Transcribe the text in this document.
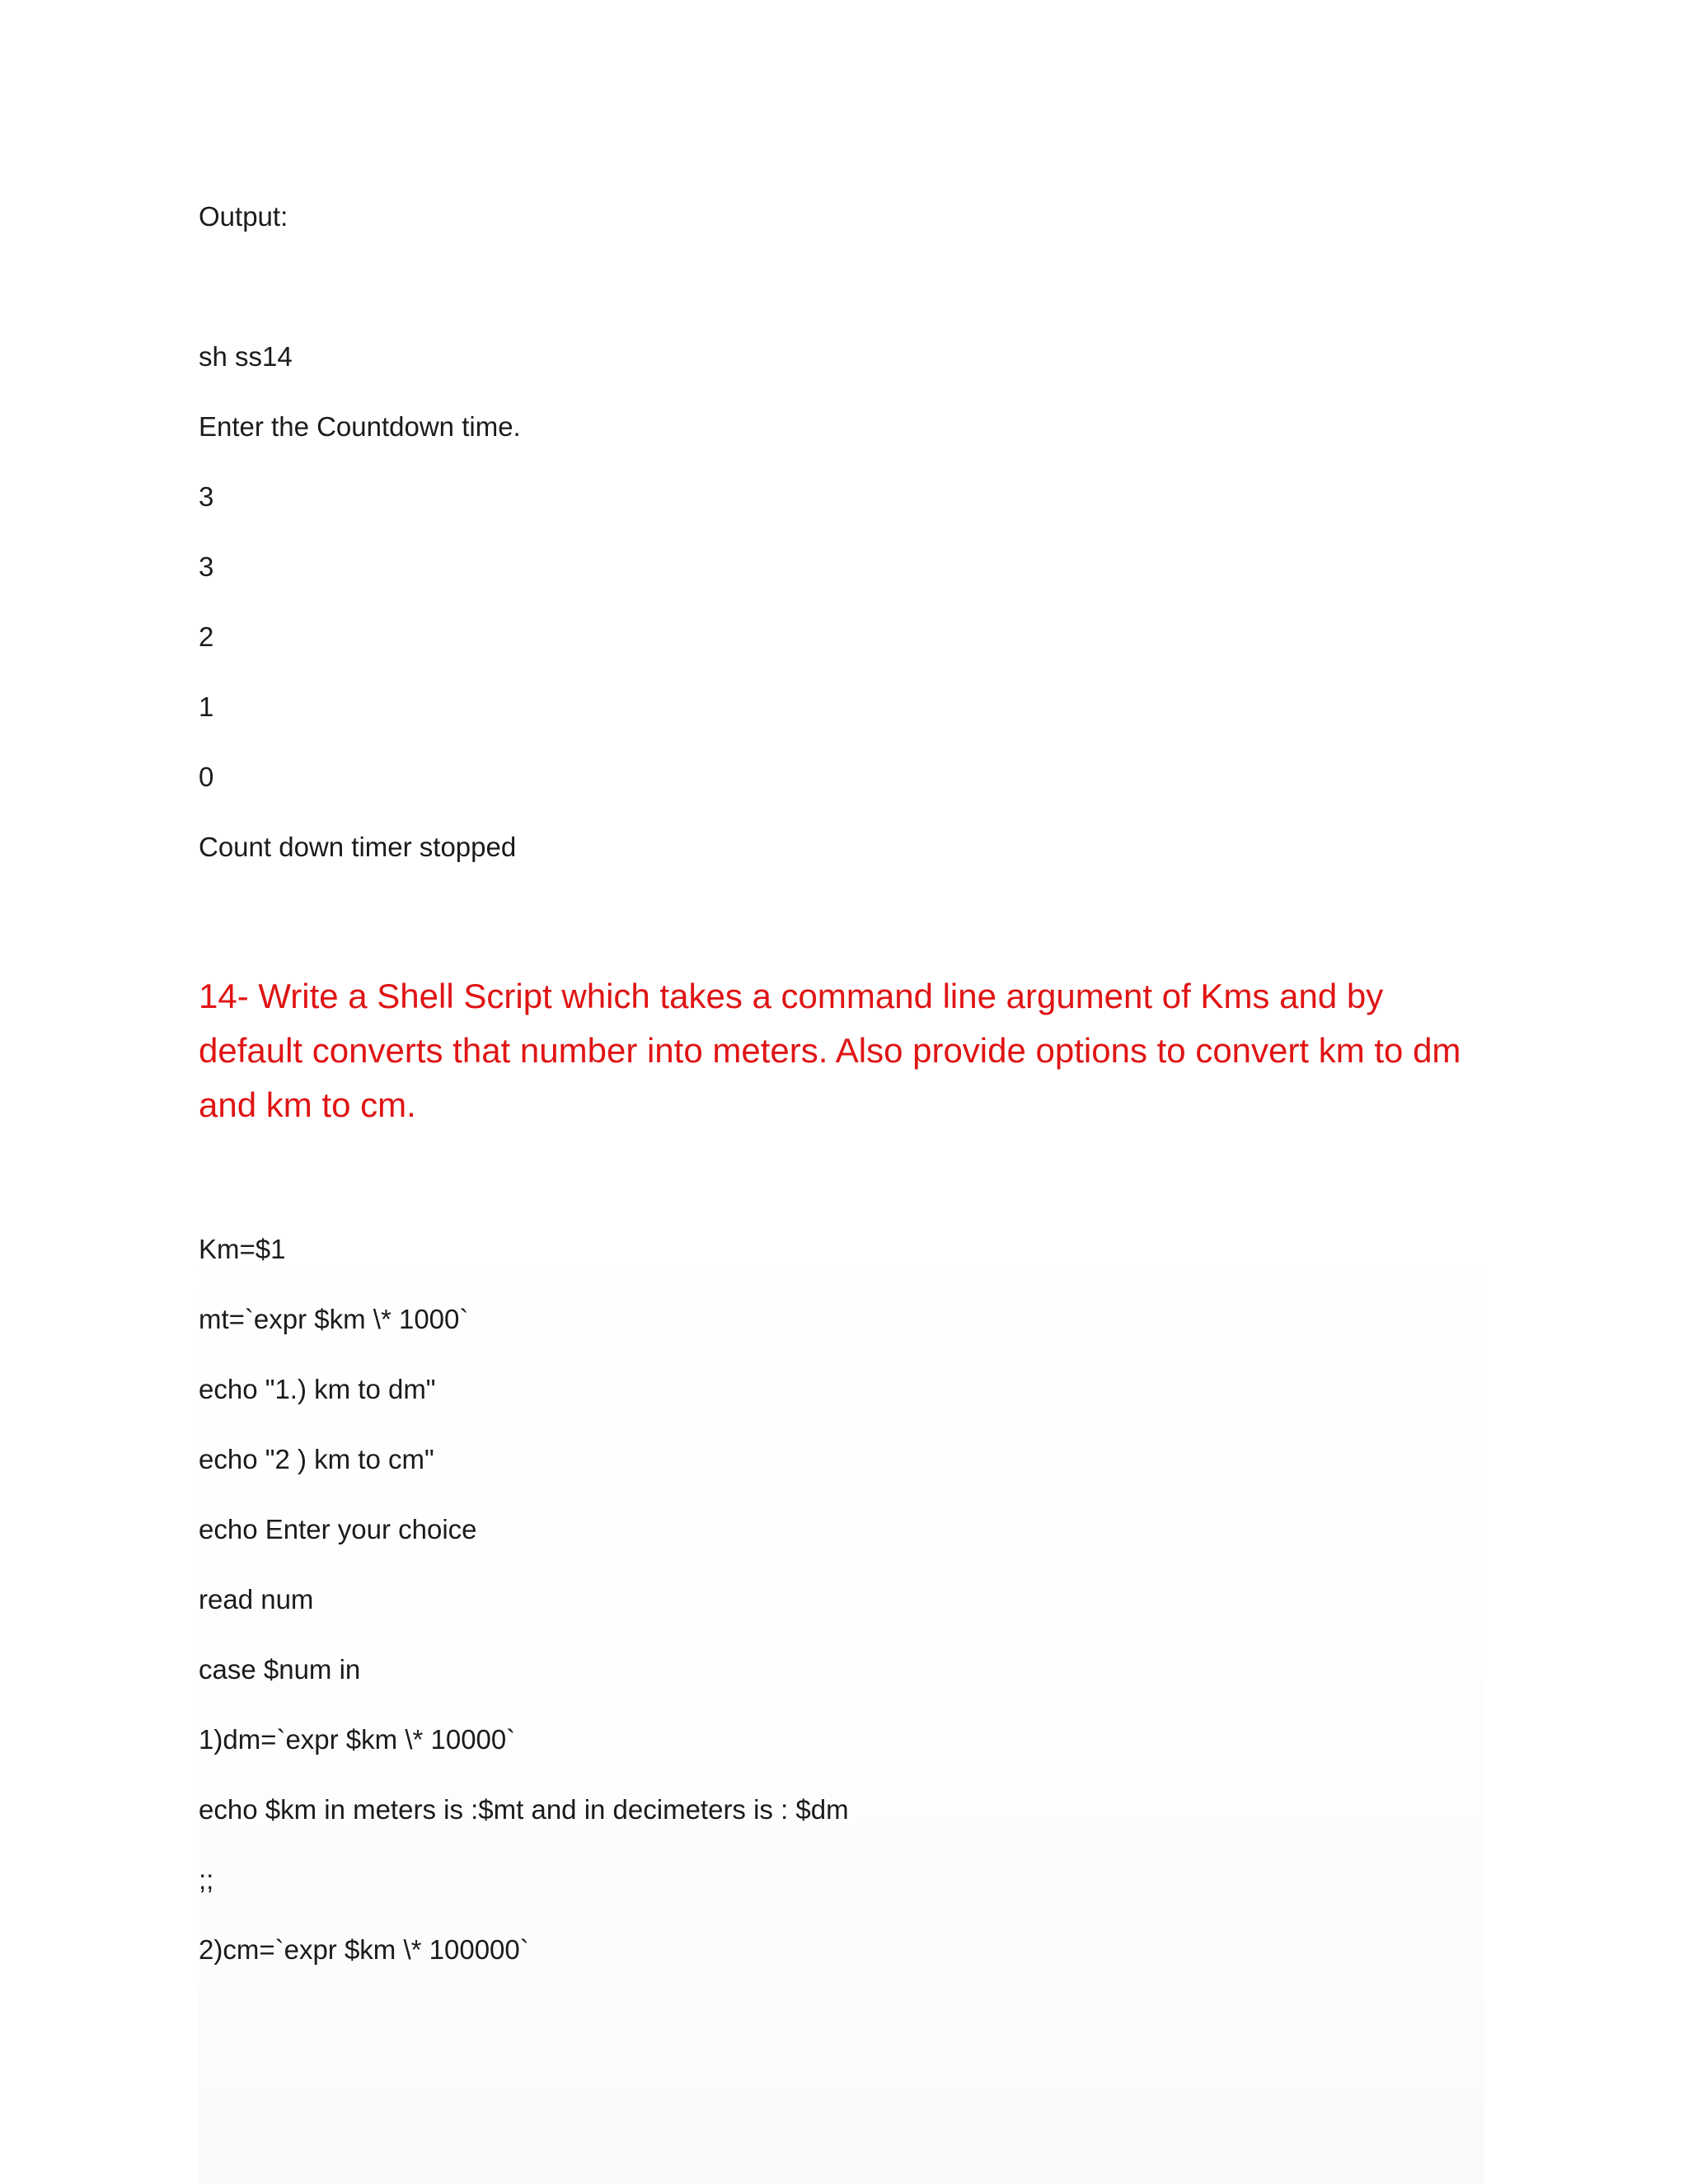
Output:

sh ss14

Enter the Countdown time.

3

3

2

1

0

Count down timer stopped

14- Write a Shell Script which takes a command line argument of Kms and by default converts that number into meters. Also provide options to convert km to dm and km to cm.

Km=$1

mt=`expr $km \* 1000`

echo "1.) km to dm"

echo "2 ) km to cm"

echo Enter your choice

read num

case $num in

1)dm=`expr $km \* 10000`

echo $km in meters is :$mt and in decimeters is : $dm

;;

2)cm=`expr $km \* 100000`
